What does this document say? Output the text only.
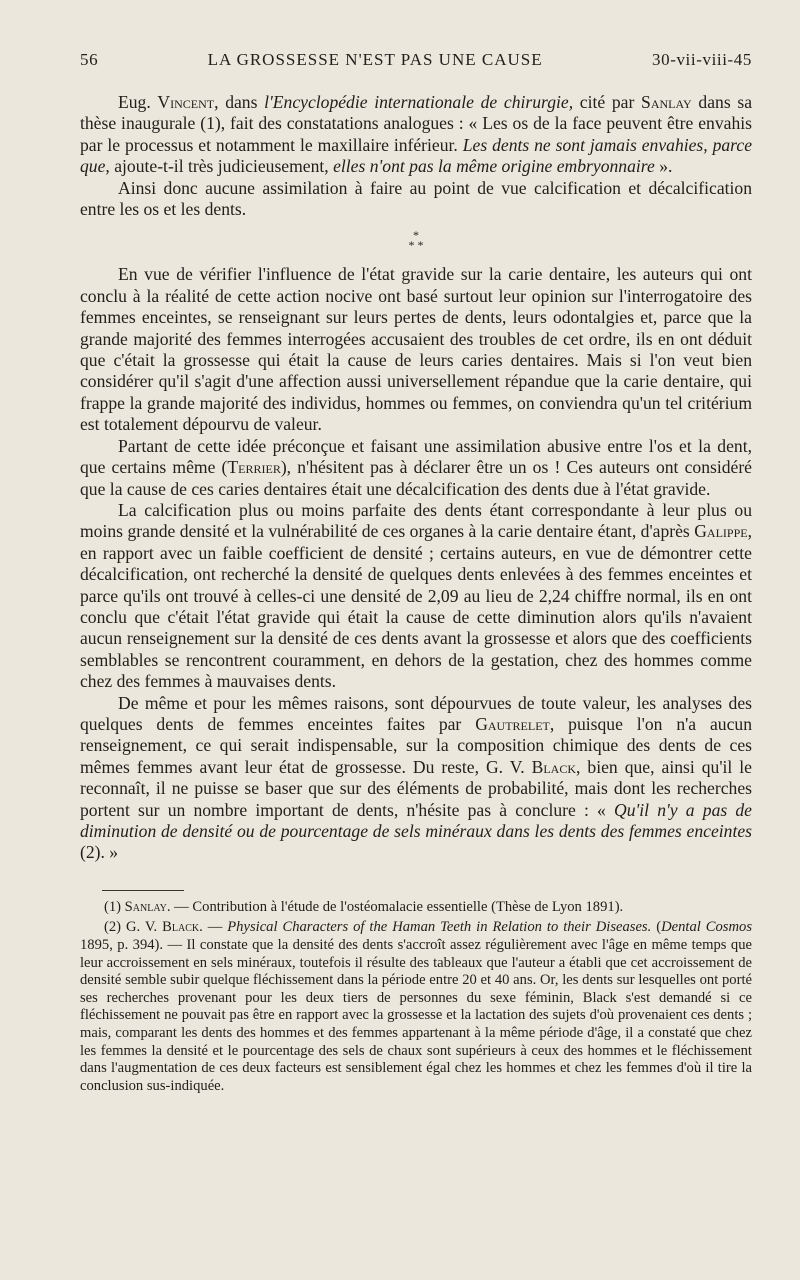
56	LA GROSSESSE N'EST PAS UNE CAUSE	30-vii-viii-45

Eug. Vincent, dans l'Encyclopédie internationale de chirurgie, cité par Sanlay dans sa thèse inaugurale (1), fait des constatations analogues : « Les os de la face peuvent être envahis par le processus et notamment le maxillaire inférieur. Les dents ne sont jamais envahies, parce que, ajoute-t-il très judicieusement, elles n'ont pas la même origine embryonnaire ».

Ainsi donc aucune assimilation à faire au point de vue calcification et décalcification entre les os et les dents.

*
* *

En vue de vérifier l'influence de l'état gravide sur la carie dentaire, les auteurs qui ont conclu à la réalité de cette action nocive ont basé surtout leur opinion sur l'interrogatoire des femmes enceintes, se renseignant sur leurs pertes de dents, leurs odontalgies et, parce que la grande majorité des femmes interrogées accusaient des troubles de cet ordre, ils en ont déduit que c'était la grossesse qui était la cause de leurs caries dentaires. Mais si l'on veut bien considérer qu'il s'agit d'une affection aussi universellement répandue que la carie dentaire, qui frappe la grande majorité des individus, hommes ou femmes, on conviendra qu'un tel critérium est totalement dépourvu de valeur.

Partant de cette idée préconçue et faisant une assimilation abusive entre l'os et la dent, que certains même (Terrier), n'hésitent pas à déclarer être un os ! Ces auteurs ont considéré que la cause de ces caries dentaires était une décalcification des dents due à l'état gravide.

La calcification plus ou moins parfaite des dents étant correspondante à leur plus ou moins grande densité et la vulnérabilité de ces organes à la carie dentaire étant, d'après Galippe, en rapport avec un faible coefficient de densité ; certains auteurs, en vue de démontrer cette décalcification, ont recherché la densité de quelques dents enlevées à des femmes enceintes et parce qu'ils ont trouvé à celles-ci une densité de 2,09 au lieu de 2,24 chiffre normal, ils en ont conclu que c'était l'état gravide qui était la cause de cette diminution alors qu'ils n'avaient aucun renseignement sur la densité de ces dents avant la grossesse et alors que des coefficients semblables se rencontrent couramment, en dehors de la gestation, chez des hommes comme chez des femmes à mauvaises dents.

De même et pour les mêmes raisons, sont dépourvues de toute valeur, les analyses des quelques dents de femmes enceintes faites par Gautrelet, puisque l'on n'a aucun renseignement, ce qui serait indispensable, sur la composition chimique des dents de ces mêmes femmes avant leur état de grossesse. Du reste, G. V. Black, bien que, ainsi qu'il le reconnaît, il ne puisse se baser que sur des éléments de probabilité, mais dont les recherches portent sur un nombre important de dents, n'hésite pas à conclure : « Qu'il n'y a pas de diminution de densité ou de pourcentage de sels minéraux dans les dents des femmes enceintes (2). »

(1) Sanlay. — Contribution à l'étude de l'ostéomalacie essentielle (Thèse de Lyon 1891).

(2) G. V. Black. — Physical Characters of the Haman Teeth in Relation to their Diseases. (Dental Cosmos 1895, p. 394). — Il constate que la densité des dents s'accroît assez régulièrement avec l'âge en même temps que leur accroissement en sels minéraux, toutefois il résulte des tableaux que l'auteur a établi que cet accroissement de densité semble subir quelque fléchissement dans la période entre 20 et 40 ans. Or, les dents sur lesquelles ont porté ses recherches provenant pour les deux tiers de personnes du sexe féminin, Black s'est demandé si ce fléchissement ne pouvait pas être en rapport avec la grossesse et la lactation des sujets d'où provenaient ces dents ; mais, comparant les dents des hommes et des femmes appartenant à la même période d'âge, il a constaté que chez les femmes la densité et le pourcentage des sels de chaux sont supérieurs à ceux des hommes et le fléchissement dans l'augmentation de ces deux facteurs est sensiblement égal chez les hommes et chez les femmes d'où il tire la conclusion sus-indiquée.
